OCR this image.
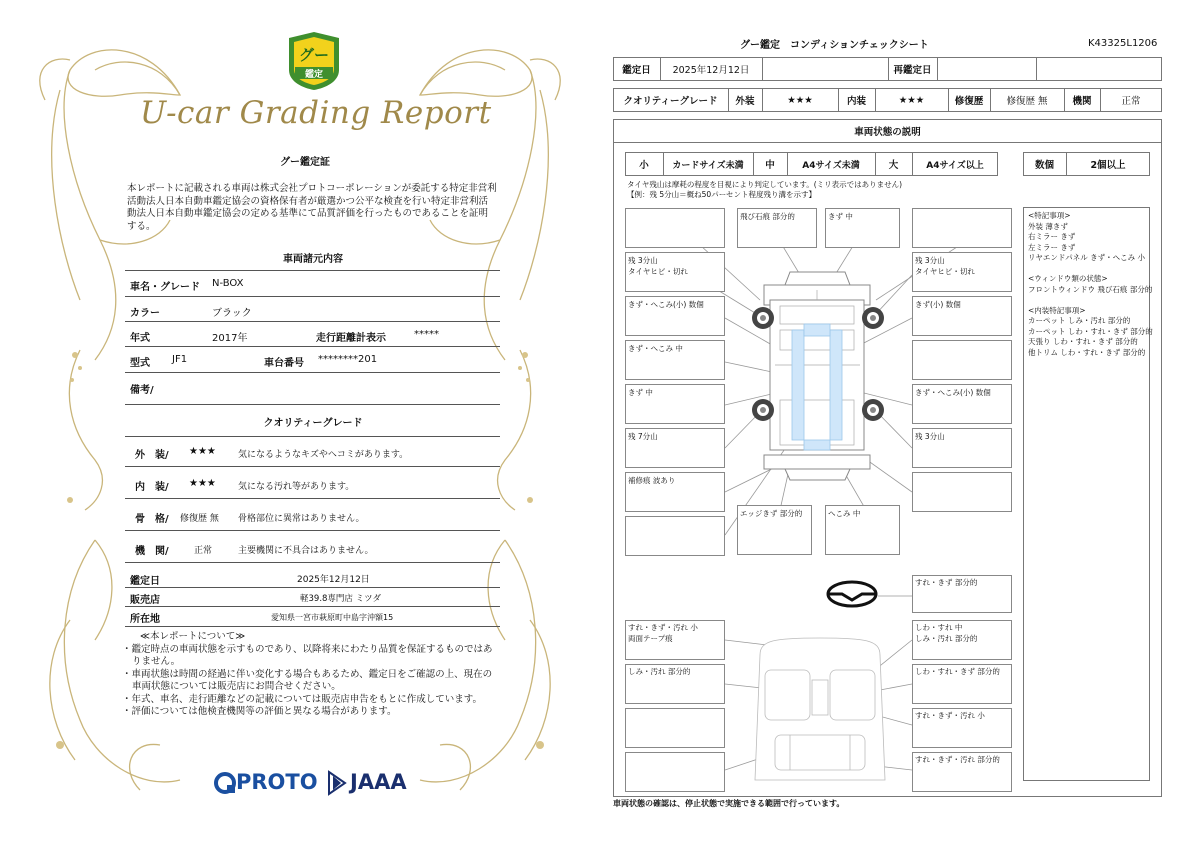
グー
鑑定
U-car Grading Report
グー鑑定証
本レポートに記載される車両は株式会社プロトコーポレーションが委託する特定非営利活動法人日本自動車鑑定協会の資格保有者が厳選かつ公平な検査を行い特定非営利活動法人日本自動車鑑定協会の定める基準にて品質評価を行ったものであることを証明する。
車両諸元内容
車名・グレード N-BOX
カラー	ブラック
年式	2017年	走行距離計表示	*****
型式 JF1	車台番号 ********201
備考/
クオリティーグレード
外　装/ ★★★ 気になるようなキズやヘコミがあります。
内　装/ ★★★ 気になる汚れ等があります。
骨　格/ 修復歴 無 骨格部位に異常はありません。
機　関/	正常	主要機関に不具合はありません。
鑑定日	2025年12月12日
販売店	軽39.8専門店 ミツダ
所在地	愛知県一宮市萩原町中島字沖額15
≪本レポートについて≫
・鑑定時点の車両状態を示すものであり、以降将来にわたり品質を保証するものではありません。
・車両状態は時間の経過に伴い変化する場合もあるため、鑑定日をご確認の上、現在の車両状態については販売店にお問合せください。
・年式、車名、走行距離などの記載については販売店申告をもとに作成しています。
・評価については他検査機関等の評価と異なる場合があります。
PROTO JAAA
グー鑑定　コンディションチェックシート	K43325L1206
鑑定日	2025年12月12日	再鑑定日
クオリティーグレード	外装	★★★	内装	★★★	修復歴	修復歴 無	機関	正常
車両状態の説明
小	カードサイズ未満	中	A4サイズ未満	大	A4サイズ以上	数個	2個以上
タイヤ残山は摩耗の程度を目視により判定しています。(ミリ表示ではありません)
【例：残 5分山＝概ね50パーセント程度残り溝を示す】
<特記事項>
外装 薄きず
右ミラー きず
左ミラー きず
リヤエンドパネル きず・へこみ 小

<ウィンドウ類の状態>
フロントウィンドウ 飛び石痕 部分的

<内装特記事項>
カーペット しみ・汚れ 部分的
カーペット しわ・すれ・きず 部分的
天張り しわ・すれ・きず 部分的
他トリム しわ・すれ・きず 部分的
飛び石痕 部分的	きず 中
残 3分山
タイヤヒビ・切れ
残 3分山
タイヤヒビ・切れ
きず・へこみ(小) 数個	きず(小) 数個
きず・へこみ 中
きず 中	きず・へこみ(小) 数個
残 7分山	残 3分山
補修痕 波あり
エッジきず 部分的	へこみ 中
すれ・きず 部分的
すれ・きず・汚れ 小
両面テープ痕
しわ・すれ 中
しみ・汚れ 部分的
しみ・汚れ 部分的	しわ・すれ・きず 部分的
すれ・きず・汚れ 小
すれ・きず・汚れ 部分的
車両状態の確認は、停止状態で実施できる範囲で行っています。
